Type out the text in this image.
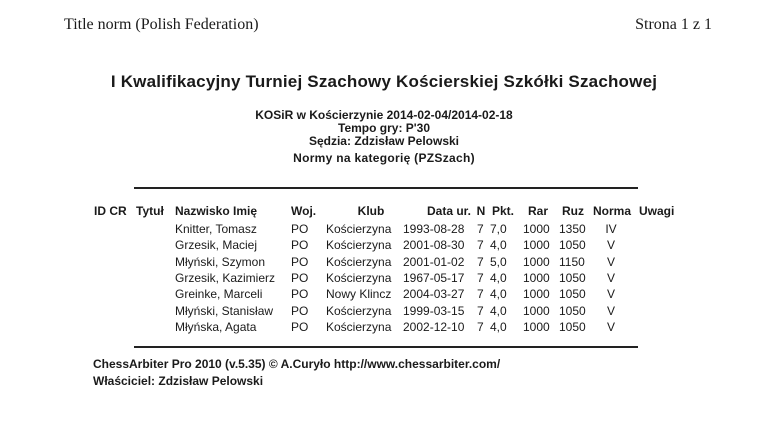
Title norm (Polish Federation)	Strona 1 z 1
I Kwalifikacyjny Turniej Szachowy Kościerskiej Szkółki Szachowej
KOSiR w Kościerzynie 2014-02-04/2014-02-18
Tempo gry: P'30
Sędzia: Zdzisław Pelowski
Normy na kategorię (PZSzach)
ID CR Tytuł Nazwisko Imię	Woj.	Klub	Data ur. N Pkt. Rar Ruz Norma Uwagi
Knitter, Tomasz	PO Kościerzyna 1993-08-28 7 7,0 1000 1350	IV
Grzesik, Maciej	PO Kościerzyna 2001-08-30 7 4,0 1000 1050	V
Młyński, Szymon PO Kościerzyna 2001-01-02 7 5,0 1000 1150	V
Grzesik, Kazimierz PO Kościerzyna 1967-05-17 7 4,0 1000 1050	V
Greinke, Marceli PO Nowy Klincz 2004-03-27 7 4,0 1000 1050	V
Młyński, Stanisław PO Kościerzyna 1999-03-15 7 4,0 1000 1050	V
Młyńska, Agata	PO Kościerzyna 2002-12-10 7 4,0 1000 1050	V
ChessArbiter Pro 2010 (v.5.35) © A.Curyło http://www.chessarbiter.com/
Właściciel: Zdzisław Pelowski
